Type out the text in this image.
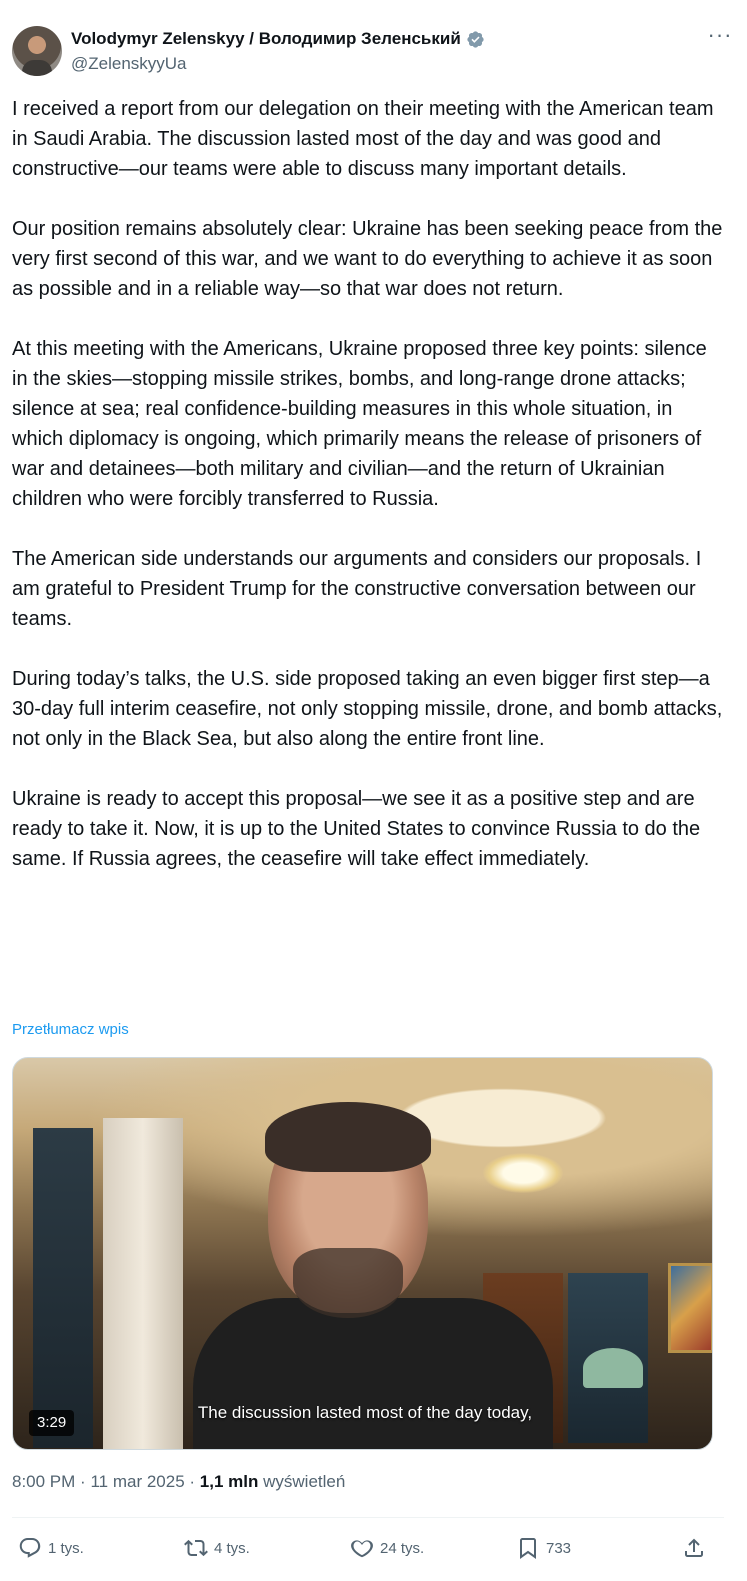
Volodymyr Zelenskyy / Володимир Зеленський
@ZelenskyyUa
···

I received a report from our delegation on their meeting with the American team in Saudi Arabia. The discussion lasted most of the day and was good and constructive—our teams were able to discuss many important details.

Our position remains absolutely clear: Ukraine has been seeking peace from the very first second of this war, and we want to do everything to achieve it as soon as possible and in a reliable way—so that war does not return.

At this meeting with the Americans, Ukraine proposed three key points: silence in the skies—stopping missile strikes, bombs, and long-range drone attacks; silence at sea; real confidence-building measures in this whole situation, in which diplomacy is ongoing, which primarily means the release of prisoners of war and detainees—both military and civilian—and the return of Ukrainian children who were forcibly transferred to Russia.

The American side understands our arguments and considers our proposals. I am grateful to President Trump for the constructive conversation between our teams.

During today’s talks, the U.S. side proposed taking an even bigger first step—a 30-day full interim ceasefire, not only stopping missile, drone, and bomb attacks, not only in the Black Sea, but also along the entire front line.

Ukraine is ready to accept this proposal—we see it as a positive step and are ready to take it. Now, it is up to the United States to convince Russia to do the same. If Russia agrees, the ceasefire will take effect immediately.

Przetłumacz wpis
The discussion lasted most of the day today,
3:29
8:00 PM · 11 mar 2025 · 1,1 mln wyświetleń
1 tys.	4 tys.	24 tys.	733
